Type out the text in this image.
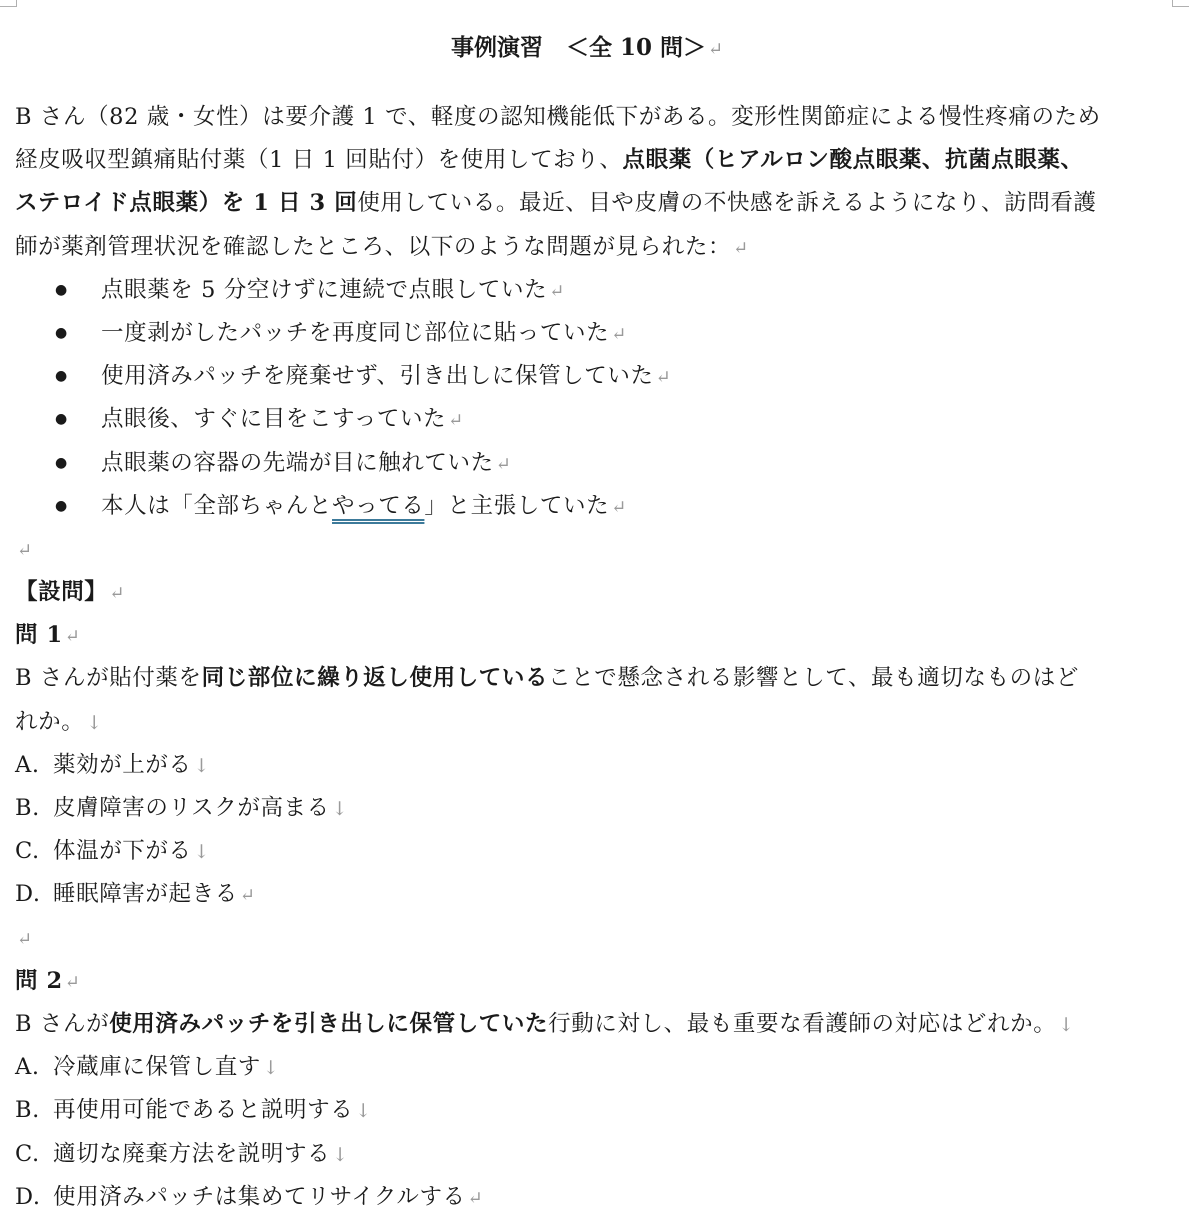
事例演習　＜全 10 問＞ ↵
B さん（82 歳・女性）は要介護 1 で、軽度の認知機能低下がある。変形性関節症による慢性疼痛のため
経皮吸収型鎮痛貼付薬（1 日 1 回貼付）を使用しており、点眼薬（ヒアルロン酸点眼薬、抗菌点眼薬、
ステロイド点眼薬）を 1 日 3 回使用している。最近、目や皮膚の不快感を訴えるようになり、訪問看護
師が薬剤管理状況を確認したところ、以下のような問題が見られた： ↵
● 点眼薬を 5 分空けずに連続で点眼していた ↵
● 一度剥がしたパッチを再度同じ部位に貼っていた ↵
● 使用済みパッチを廃棄せず、引き出しに保管していた ↵
● 点眼後、すぐに目をこすっていた ↵
● 点眼薬の容器の先端が目に触れていた ↵
● 本人は「全部ちゃんとやってる」と主張していた ↵
↵
【設問】 ↵
問 1 ↵
B さんが貼付薬を同じ部位に繰り返し使用していることで懸念される影響として、最も適切なものはど
れか。 ↓
A. 薬効が上がる ↓
B. 皮膚障害のリスクが高まる ↓
C. 体温が下がる ↓
D. 睡眠障害が起きる ↵
↵
問 2 ↵
B さんが使用済みパッチを引き出しに保管していた行動に対し、最も重要な看護師の対応はどれか。 ↓
A. 冷蔵庫に保管し直す ↓
B. 再使用可能であると説明する ↓
C. 適切な廃棄方法を説明する ↓
D. 使用済みパッチは集めてリサイクルする ↵
